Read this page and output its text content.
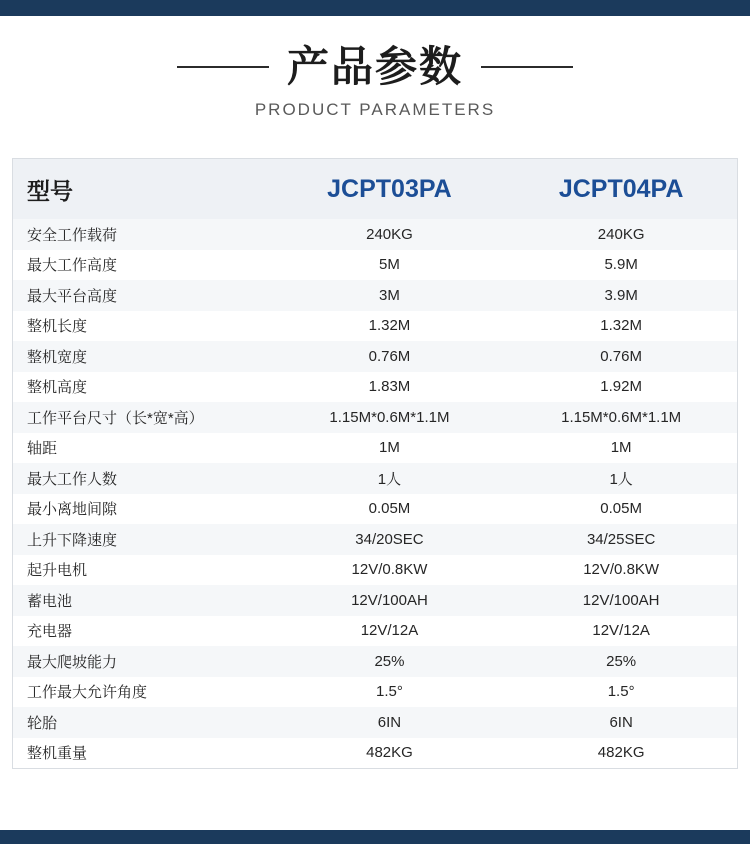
产品参数
PRODUCT PARAMETERS
型号	JCPT03PA	JCPT04PA
安全工作载荷	240KG	240KG
最大工作高度	5M	5.9M
最大平台高度	3M	3.9M
整机长度	1.32M	1.32M
整机宽度	0.76M	0.76M
整机高度	1.83M	1.92M
工作平台尺寸（长*宽*高）	1.15M*0.6M*1.1M	1.15M*0.6M*1.1M
轴距	1M	1M
最大工作人数	1人	1人
最小离地间隙	0.05M	0.05M
上升下降速度	34/20SEC	34/25SEC
起升电机	12V/0.8KW	12V/0.8KW
蓄电池	12V/100AH	12V/100AH
充电器	12V/12A	12V/12A
最大爬坡能力	25%	25%
工作最大允许角度	1.5°	1.5°
轮胎	6IN	6IN
整机重量	482KG	482KG
